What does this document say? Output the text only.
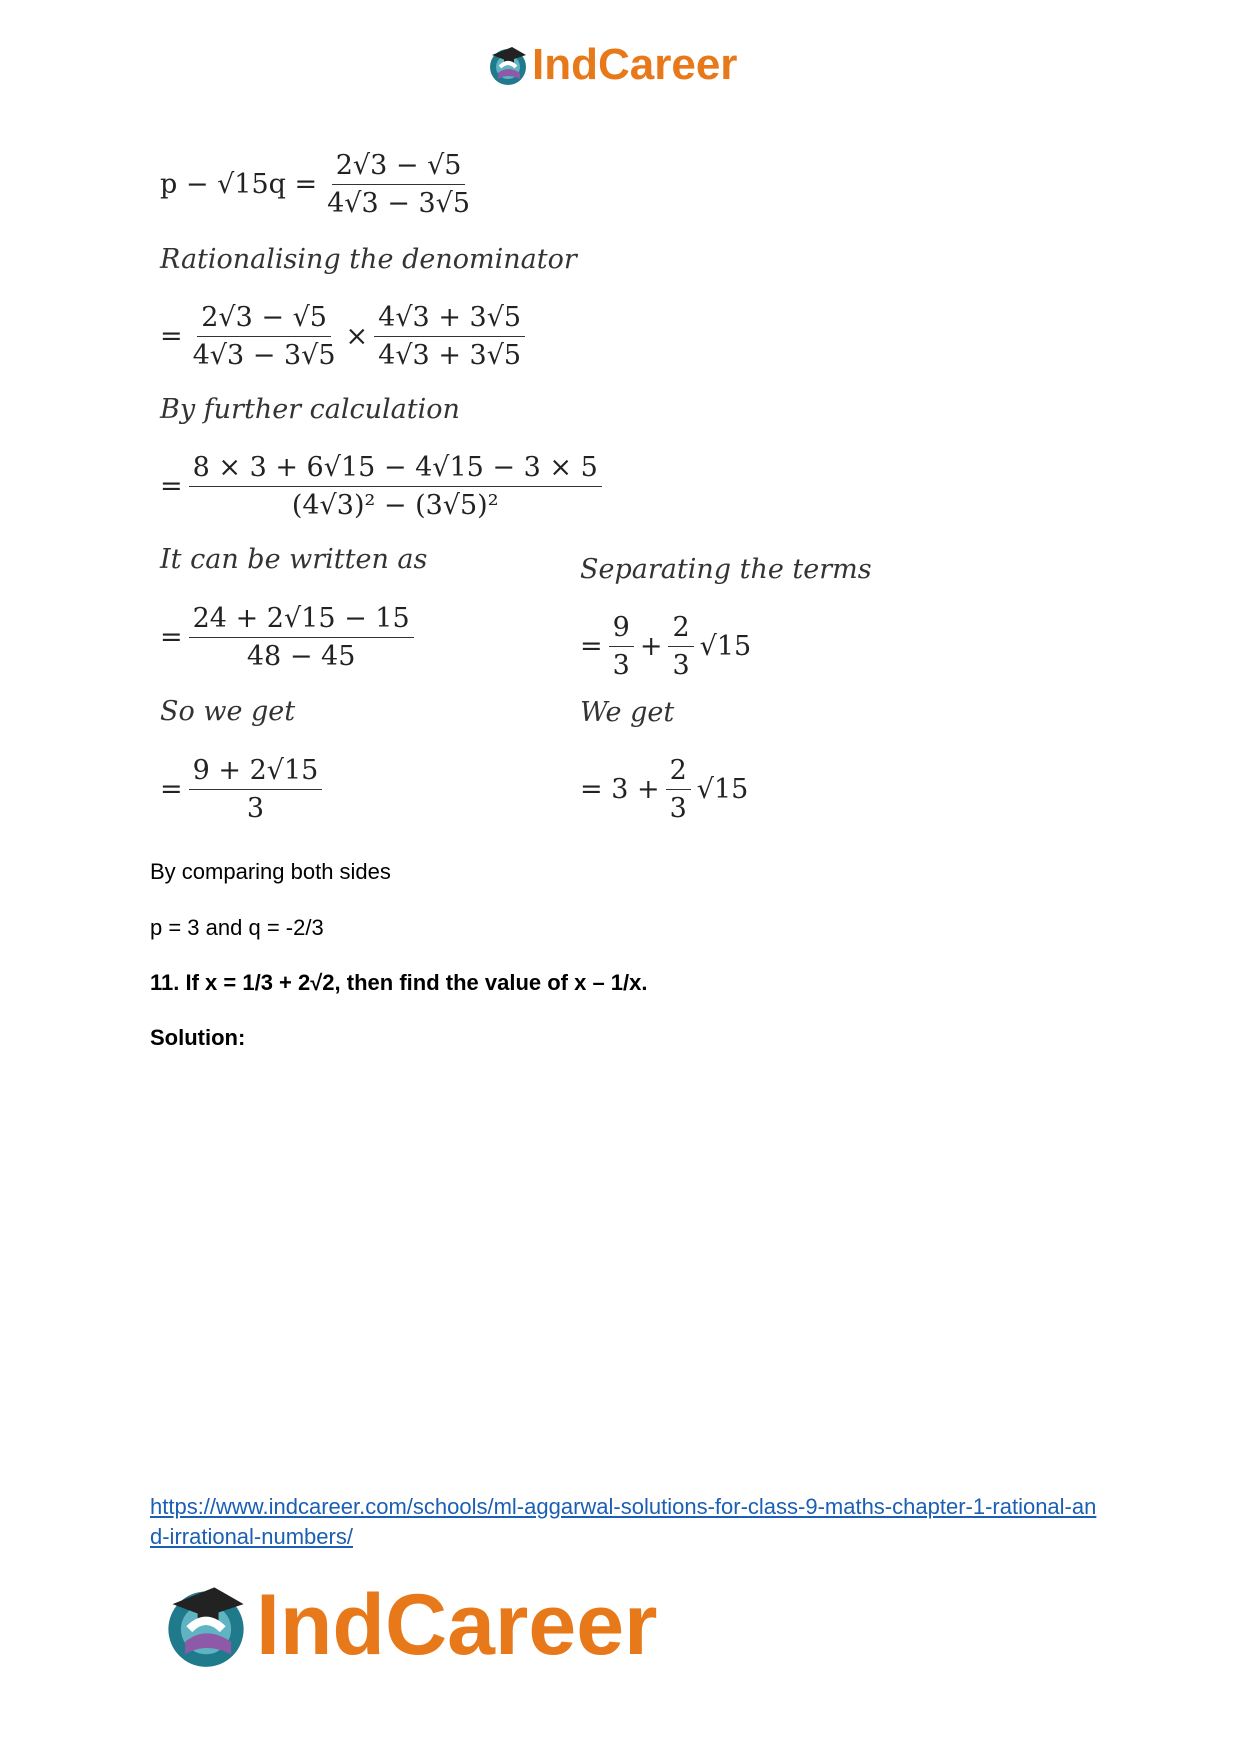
IndCareer
$p - √15q = \frac{2√3 - √5}{4√3 - 3√5}$
Rationalising the denominator
= $\frac{2√3 - √5}{4√3 - 3√5} \times \frac{4√3 + 3√5}{4√3 + 3√5}$
By further calculation
= $\frac{8 \times 3 + 6√15 - 4√15 - 3 \times 5}{\text{(4√3)² − (3√5)²}}$
It can be written as
= $\frac{24 + 2√15 - 15}{48 - 45}$
So we get
= $\frac{9 + 2√15}{3}$
Separating the terms
= $\frac{9}{3} + \frac{2}{3} √15$
We get
= $3 + \frac{2}{3} √15$
By comparing both sides
p = 3 and q = -2/3
11. If x = 1/3 + 2√2, then find the value of x – 1/x.
Solution:
https://www.indcareer.com/schools/ml-aggarwal-solutions-for-class-9-maths-chapter-1-rational-and-irrational-numbers/
IndCareer
